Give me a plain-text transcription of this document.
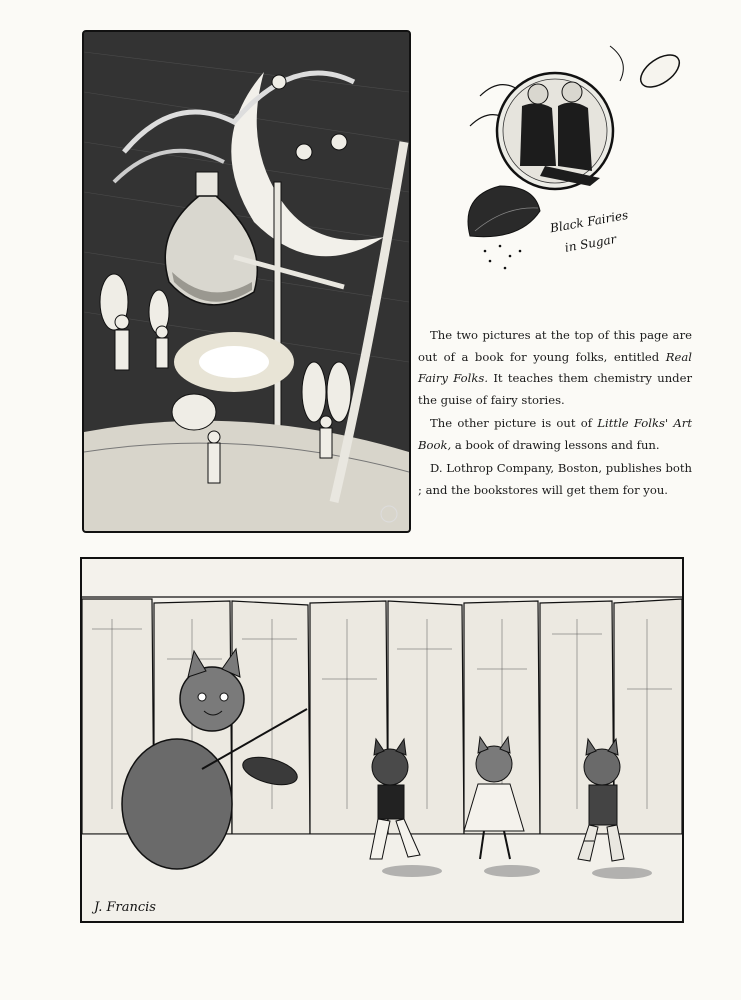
Black Fairies
in Sugar

The two pictures at the top of this page are out of a book for young folks, entitled Real Fairy Folks. It teaches them chemistry under the guise of fairy stories.

The other picture is out of Little Folks' Art Book, a book of drawing lessons and fun.

D. Lothrop Company, Boston, publishes both ; and the bookstores will get them for you.

J. Francis
